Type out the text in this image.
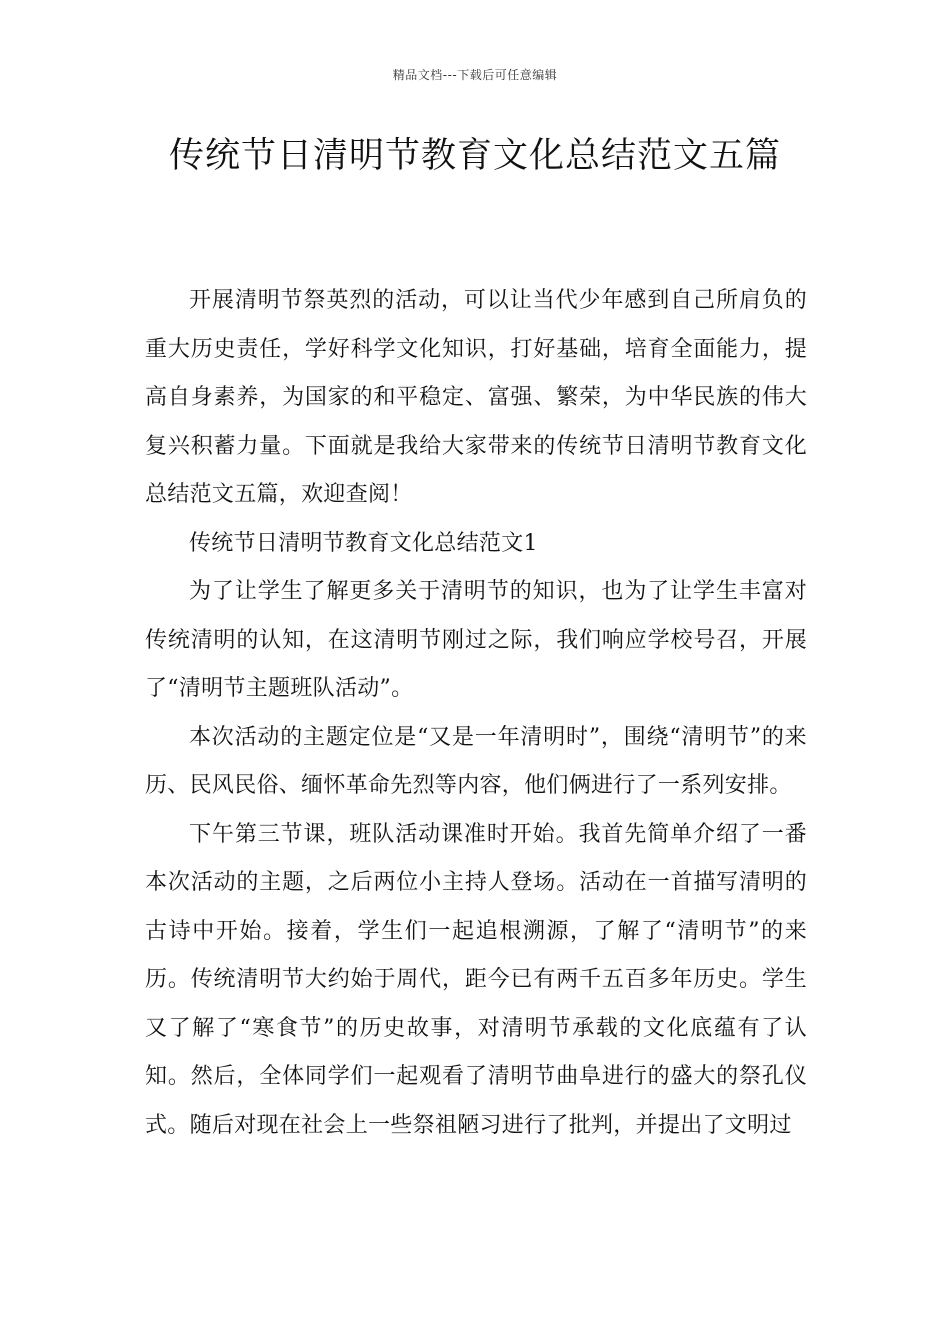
精品文档---下载后可任意编辑
传统节日清明节教育文化总结范文五篇

开展清明节祭英烈的活动，可以让当代少年感到自己所肩负的重大历史责任，学好科学文化知识，打好基础，培育全面能力，提高自身素养，为国家的和平稳定、富强、繁荣，为中华民族的伟大复兴积蓄力量。下面就是我给大家带来的传统节日清明节教育文化总结范文五篇，欢迎查阅！

传统节日清明节教育文化总结范文1

为了让学生了解更多关于清明节的知识，也为了让学生丰富对传统清明的认知，在这清明节刚过之际，我们响应学校号召，开展了“清明节主题班队活动”。

本次活动的主题定位是“又是一年清明时”，围绕“清明节”的来历、民风民俗、缅怀革命先烈等内容，他们俩进行了一系列安排。

下午第三节课，班队活动课准时开始。我首先简单介绍了一番本次活动的主题，之后两位小主持人登场。活动在一首描写清明的古诗中开始。接着，学生们一起追根溯源，了解了“清明节”的来历。传统清明节大约始于周代，距今已有两千五百多年历史。学生又了解了“寒食节”的历史故事，对清明节承载的文化底蕴有了认知。然后，全体同学们一起观看了清明节曲阜进行的盛大的祭孔仪式。随后对现在社会上一些祭祖陋习进行了批判，并提出了文明过
